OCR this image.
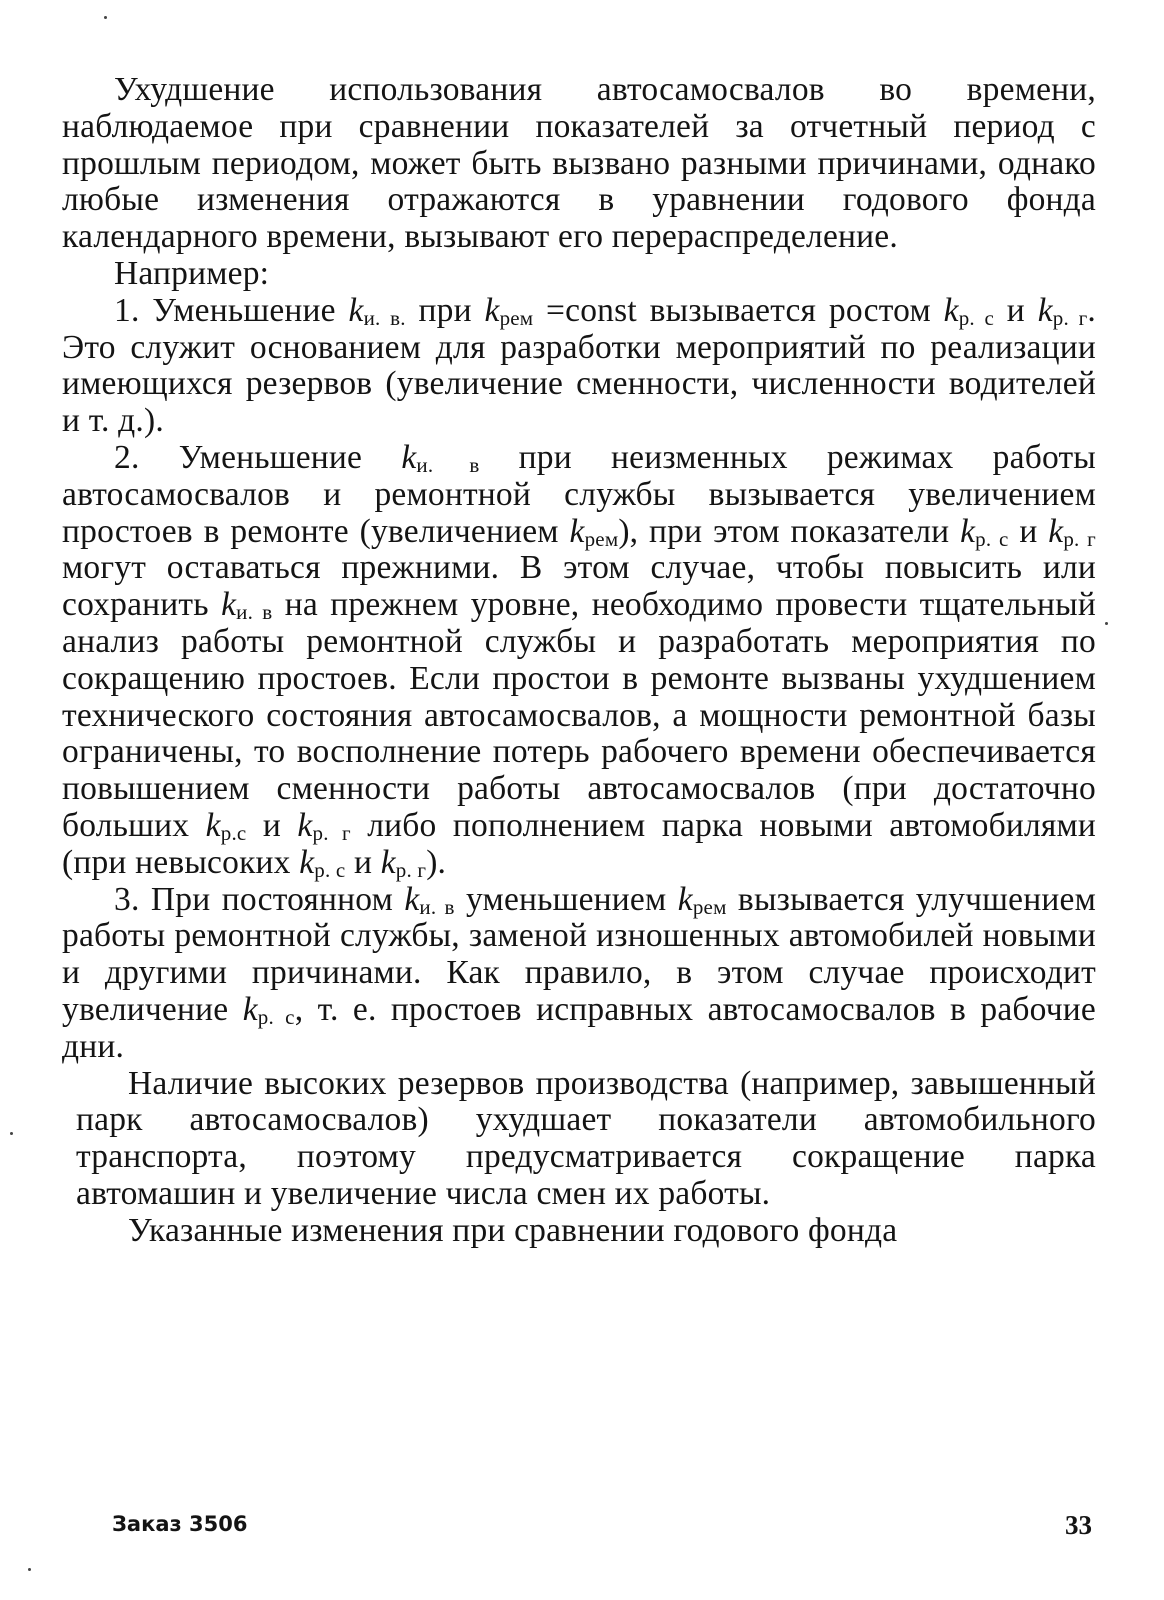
Ухудшение использования автосамосвалов во времени, наблюдаемое при сравнении показателей за отчетный период с прошлым периодом, может быть вызвано разными причинами, однако любые изменения отражаются в уравнении годового фонда календарного времени, вызывают его перераспределение.

Например:

1. Уменьшение $k_{и. в.}$ при $k_{рем}$ =const вызывается ростом $k_{р. с}$ и $k_{р. г}$. Это служит основанием для разработки мероприятий по реализации имеющихся резервов (увеличение сменности, численности водителей и т. д.).

2. Уменьшение $k_{и. в}$ при неизменных режимах работы автосамосвалов и ремонтной службы вызывается увеличением простоев в ремонте (увеличением $k_{рем}$), при этом показатели $k_{р. с}$ и $k_{р. г}$ могут оставаться прежними. В этом случае, чтобы повысить или сохранить $k_{и. в}$ на прежнем уровне, необходимо провести тщательный анализ работы ремонтной службы и разработать мероприятия по сокращению простоев. Если простои в ремонте вызваны ухудшением технического состояния автосамосвалов, а мощности ремонтной базы ограничены, то восполнение потерь рабочего времени обеспечивается повышением сменности работы автосамосвалов (при достаточно больших $k_{р.с}$ и $k_{р. г}$ либо пополнением парка новыми автомобилями (при невысоких $k_{р. с}$ и $k_{р. г}$).

3. При постоянном $k_{и. в}$ уменьшением $k_{рем}$ вызывается улучшением работы ремонтной службы, заменой изношенных автомобилей новыми и другими причинами. Как правило, в этом случае происходит увеличение $k_{р. с}$, т. е. простоев исправных автосамосвалов в рабочие дни.

Наличие высоких резервов производства (например, завышенный парк автосамосвалов) ухудшает показатели автомобильного транспорта, поэтому предусматривается сокращение парка автомашин и увеличение числа смен их работы.

Указанные изменения при сравнении годового фонда

Заказ 3506	33
